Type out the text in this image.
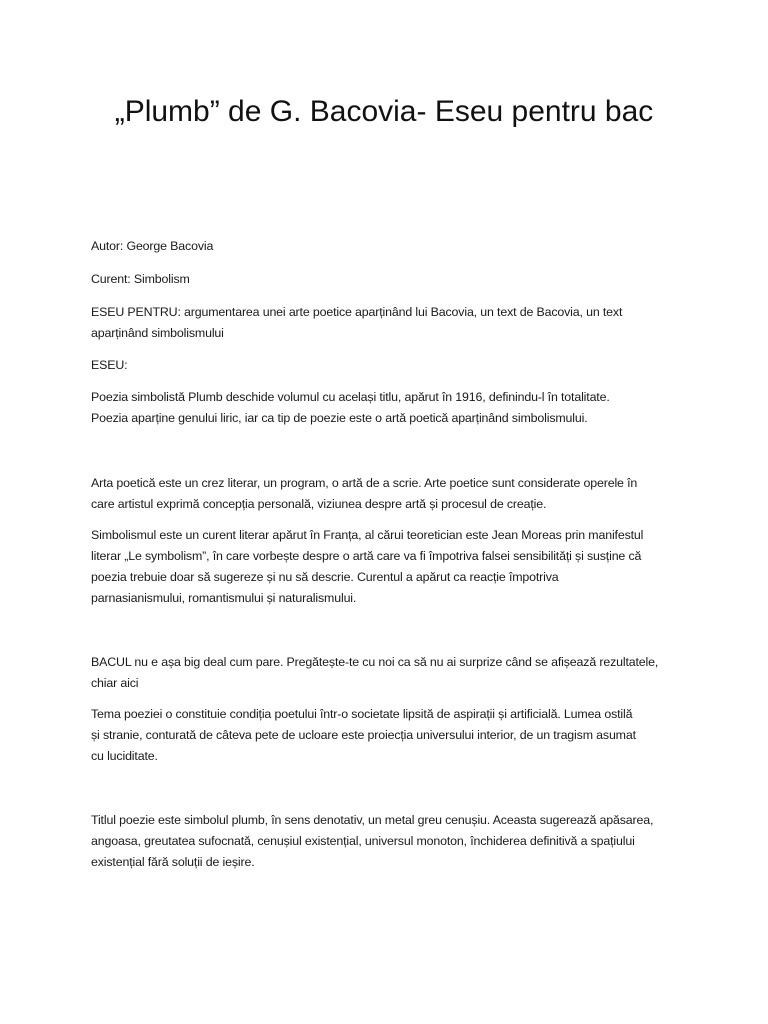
„Plumb” de G. Bacovia- Eseu pentru bac

Autor: George Bacovia

Curent: Simbolism

ESEU PENTRU: argumentarea unei arte poetice aparținând lui Bacovia, un text de Bacovia, un text
aparținând simbolismului

ESEU:

Poezia simbolistă Plumb deschide volumul cu același titlu, apărut în 1916, definindu-l în totalitate.
Poezia aparține genului liric, iar ca tip de poezie este o artă poetică aparținând simbolismului.

Arta poetică este un crez literar, un program, o artă de a scrie. Arte poetice sunt considerate operele în
care artistul exprimă concepția personală, viziunea despre artă și procesul de creație.

Simbolismul este un curent literar apărut în Franța, al cărui teoretician este Jean Moreas prin manifestul
literar „Le symbolism”, în care vorbește despre o artă care va fi împotriva falsei sensibilități și susține că
poezia trebuie doar să sugereze și nu să descrie. Curentul a apărut ca reacție împotriva
parnasianismului, romantismului și naturalismului.

BACUL nu e așa big deal cum pare. Pregătește-te cu noi ca să nu ai surprize când se afișează rezultatele,
chiar aici

Tema poeziei o constituie condiția poetului într-o societate lipsită de aspirații și artificială. Lumea ostilă
și stranie, conturată de câteva pete de ucloare este proiecția universului interior, de un tragism asumat
cu luciditate.

Titlul poezie este simbolul plumb, în sens denotativ, un metal greu cenușiu. Aceasta sugerează apăsarea,
angoasa, greutatea sufocnată, cenușiul existențial, universul monoton, închiderea definitivă a spațiului
existențial fără soluții de ieșire.
